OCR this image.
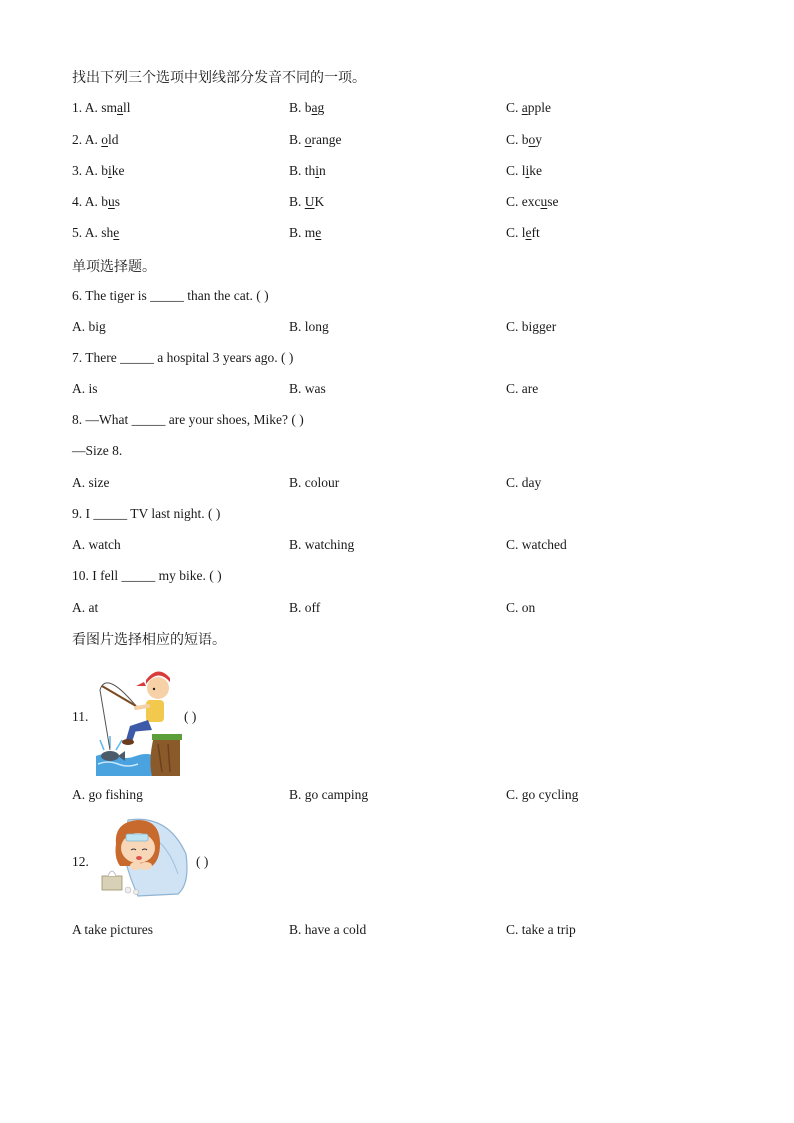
找出下列三个选项中划线部分发音不同的一项。
1. A. small	B. bag	C. apple
2. A. old	B. orange	C. boy
3. A. bike	B. thin	C. like
4. A. bus	B. UK	C. excuse
5. A. she	B. me	C. left
单项选择题。
6. The tiger is _____ than the cat. ( )
A. big	B. long	C. bigger
7. There _____ a hospital 3 years ago. ( )
A. is	B. was	C. are
8. —What _____ are your shoes, Mike? ( )
—Size 8.
A. size	B. colour	C. day
9. I _____ TV last night. ( )
A. watch	B. watching	C. watched
10. I fell _____ my bike. ( )
A. at	B. off	C. on
看图片选择相应的短语。
11.	( )
A. go fishing	B. go camping	C. go cycling
12.	( )
A take pictures	B. have a cold	C. take a trip
